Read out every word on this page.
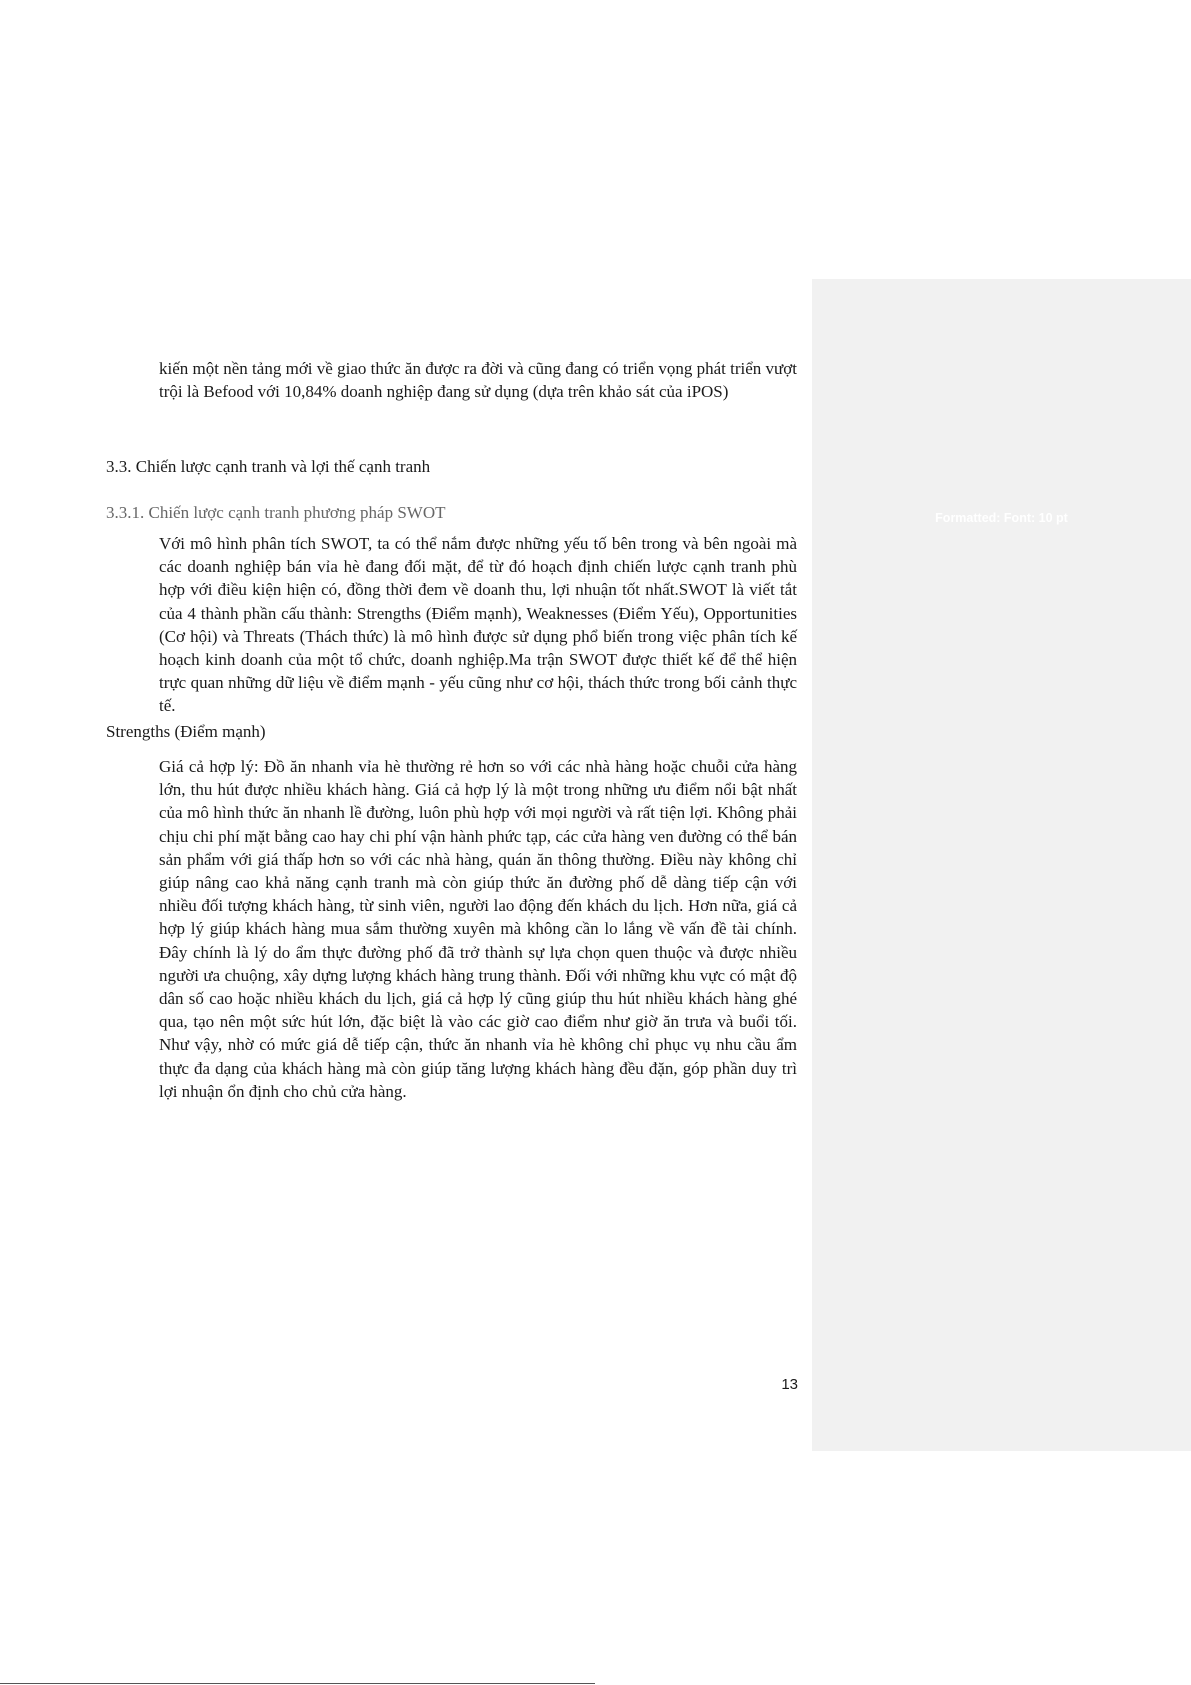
Formatted: Font: 10 pt

kiến một nền tảng mới về giao thức ăn được ra đời và cũng đang có triển vọng phát triển vượt trội là Befood với 10,84% doanh nghiệp đang sử dụng (dựa trên khảo sát của iPOS)

3.3. Chiến lược cạnh tranh và lợi thế cạnh tranh
3.3.1. Chiến lược cạnh tranh phương pháp SWOT

Với mô hình phân tích SWOT, ta có thể nắm được những yếu tố bên trong và bên ngoài mà các doanh nghiệp bán vỉa hè đang đối mặt, để từ đó hoạch định chiến lược cạnh tranh phù hợp với điều kiện hiện có, đồng thời đem về doanh thu, lợi nhuận tốt nhất.SWOT là viết tắt của 4 thành phần cấu thành: Strengths (Điểm mạnh), Weaknesses (Điểm Yếu), Opportunities (Cơ hội) và Threats (Thách thức) là mô hình được sử dụng phổ biến trong việc phân tích kế hoạch kinh doanh của một tổ chức, doanh nghiệp.Ma trận SWOT được thiết kế để thể hiện trực quan những dữ liệu về điểm mạnh - yếu cũng như cơ hội, thách thức trong bối cảnh thực tế.

Strengths (Điểm mạnh)

Giá cả hợp lý: Đồ ăn nhanh vỉa hè thường rẻ hơn so với các nhà hàng hoặc chuỗi cửa hàng lớn, thu hút được nhiều khách hàng. Giá cả hợp lý là một trong những ưu điểm nổi bật nhất của mô hình thức ăn nhanh lề đường, luôn phù hợp với mọi người và rất tiện lợi. Không phải chịu chi phí mặt bằng cao hay chi phí vận hành phức tạp, các cửa hàng ven đường có thể bán sản phẩm với giá thấp hơn so với các nhà hàng, quán ăn thông thường. Điều này không chỉ giúp nâng cao khả năng cạnh tranh mà còn giúp thức ăn đường phố dễ dàng tiếp cận với nhiều đối tượng khách hàng, từ sinh viên, người lao động đến khách du lịch. Hơn nữa, giá cả hợp lý giúp khách hàng mua sắm thường xuyên mà không cần lo lắng về vấn đề tài chính. Đây chính là lý do ẩm thực đường phố đã trở thành sự lựa chọn quen thuộc và được nhiều người ưa chuộng, xây dựng lượng khách hàng trung thành. Đối với những khu vực có mật độ dân số cao hoặc nhiều khách du lịch, giá cả hợp lý cũng giúp thu hút nhiều khách hàng ghé qua, tạo nên một sức hút lớn, đặc biệt là vào các giờ cao điểm như giờ ăn trưa và buổi tối. Như vậy, nhờ có mức giá dễ tiếp cận, thức ăn nhanh vỉa hè không chỉ phục vụ nhu cầu ẩm thực đa dạng của khách hàng mà còn giúp tăng lượng khách hàng đều đặn, góp phần duy trì lợi nhuận ổn định cho chủ cửa hàng.

13
